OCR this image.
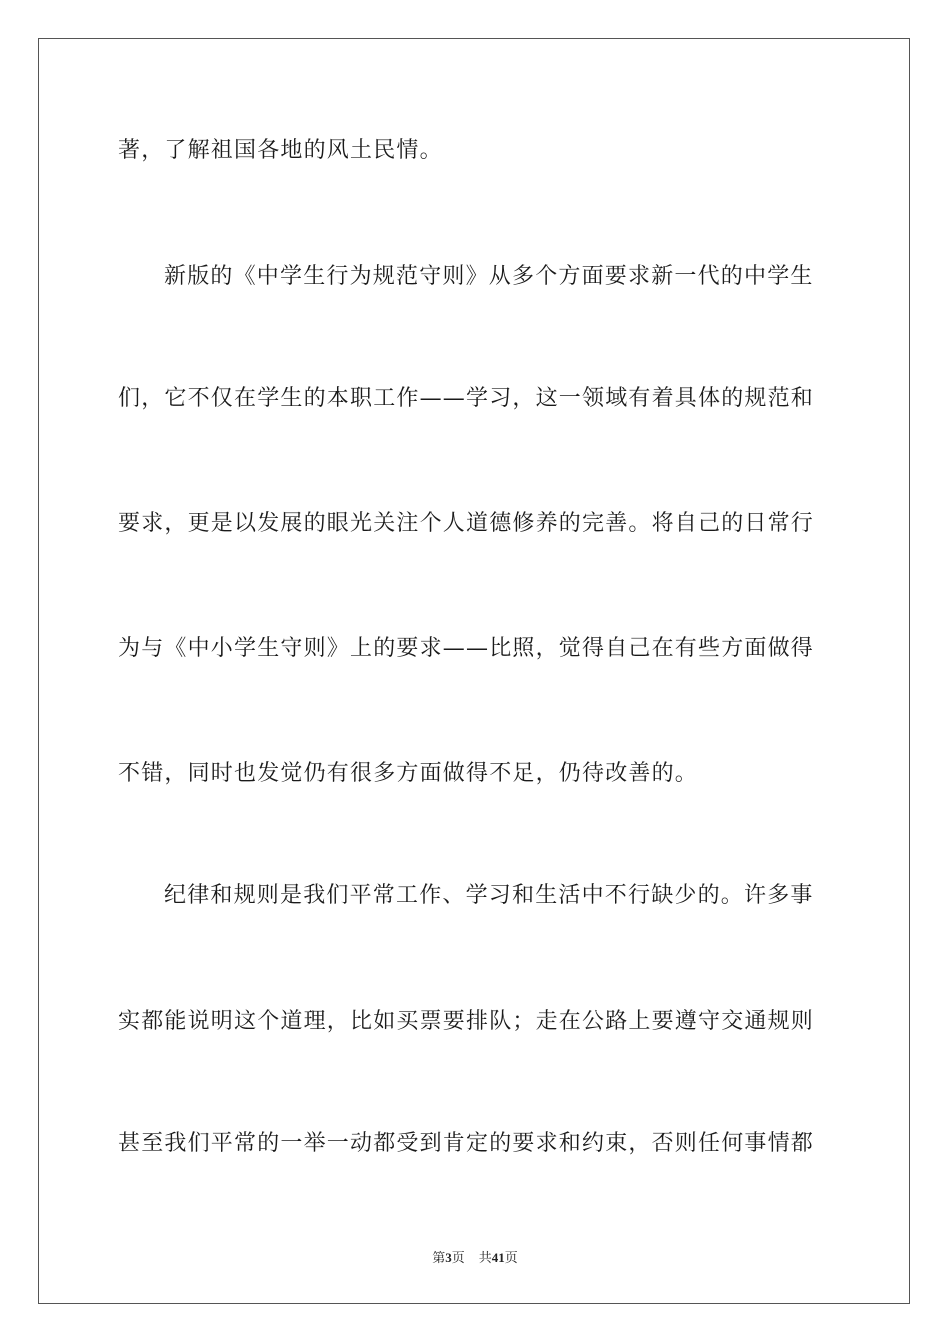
著，了解祖国各地的风土民情。
新版的《中学生行为规范守则》从多个方面要求新一代的中学生
们，它不仅在学生的本职工作——学习，这一领域有着具体的规范和
要求，更是以发展的眼光关注个人道德修养的完善。将自己的日常行
为与《中小学生守则》上的要求——比照，觉得自己在有些方面做得
不错，同时也发觉仍有很多方面做得不足，仍待改善的。
纪律和规则是我们平常工作、学习和生活中不行缺少的。许多事
实都能说明这个道理，比如买票要排队；走在公路上要遵守交通规则
甚至我们平常的一举一动都受到肯定的要求和约束，否则任何事情都
第3页 共41页
